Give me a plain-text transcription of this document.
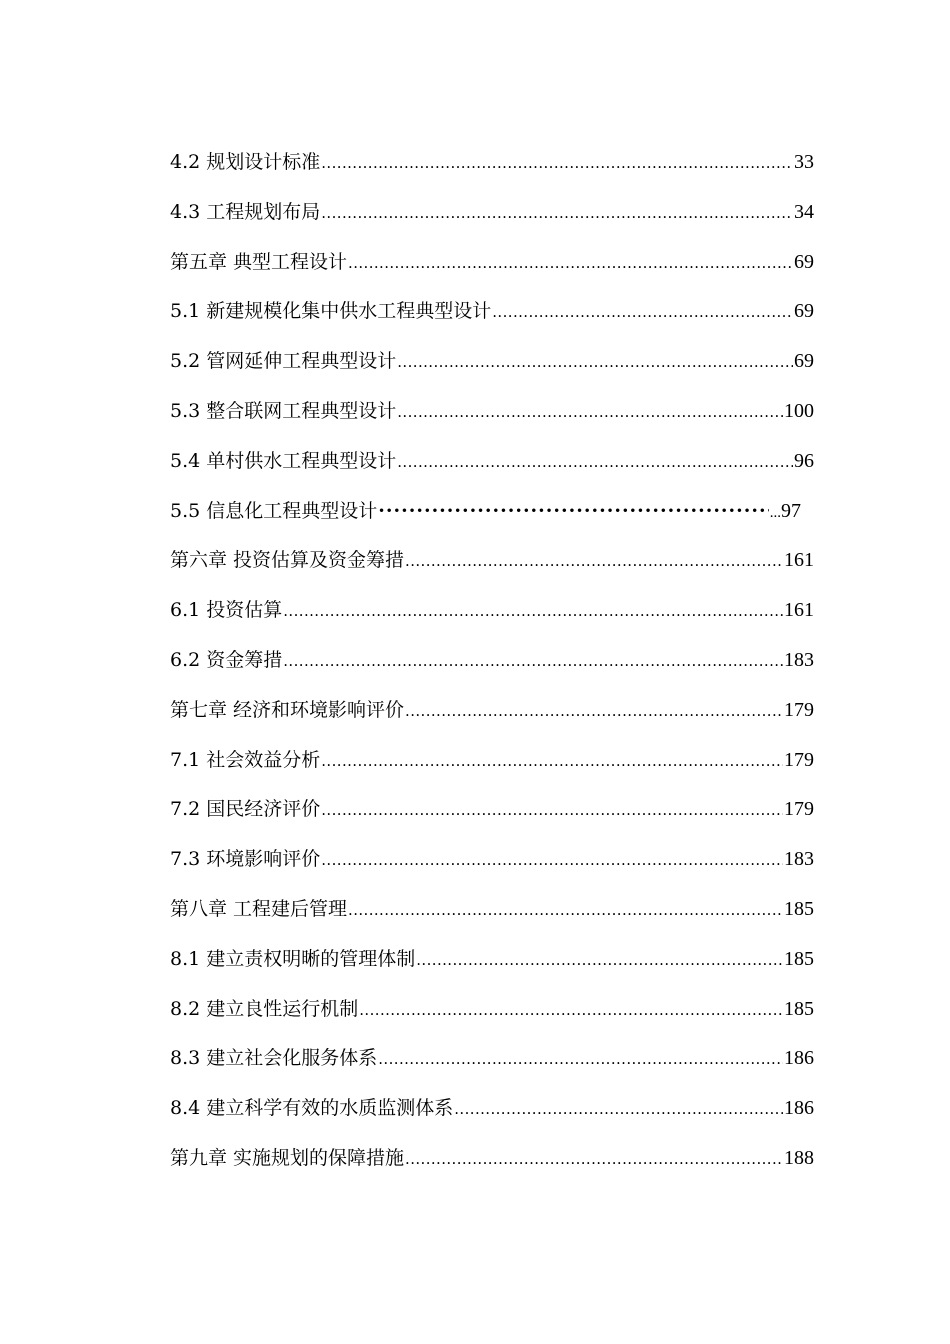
4.2 规划设计标准 .....	33
4.3 工程规划布局 .....	34
第五章 典型工程设计 .....	69
5.1 新建规模化集中供水工程典型设计 .....	69
5.2 管网延伸工程典型设计 .....	69
5.3 整合联网工程典型设计 .....	100
5.4 单村供水工程典型设计 .....	96
5.5 信息化工程典型设计 ·····	... 97
第六章 投资估算及资金筹措 .....	161
6.1 投资估算 .....	161
6.2 资金筹措 .....	183
第七章 经济和环境影响评价 .....	179
7.1 社会效益分析 .....	179
7.2 国民经济评价 .....	179
7.3 环境影响评价 .....	183
第八章 工程建后管理 .....	185
8.1 建立责权明晰的管理体制 .....	185
8.2 建立良性运行机制 .....	185
8.3 建立社会化服务体系 .....	186
8.4 建立科学有效的水质监测体系 .....	186
第九章 实施规划的保障措施 .....	188
